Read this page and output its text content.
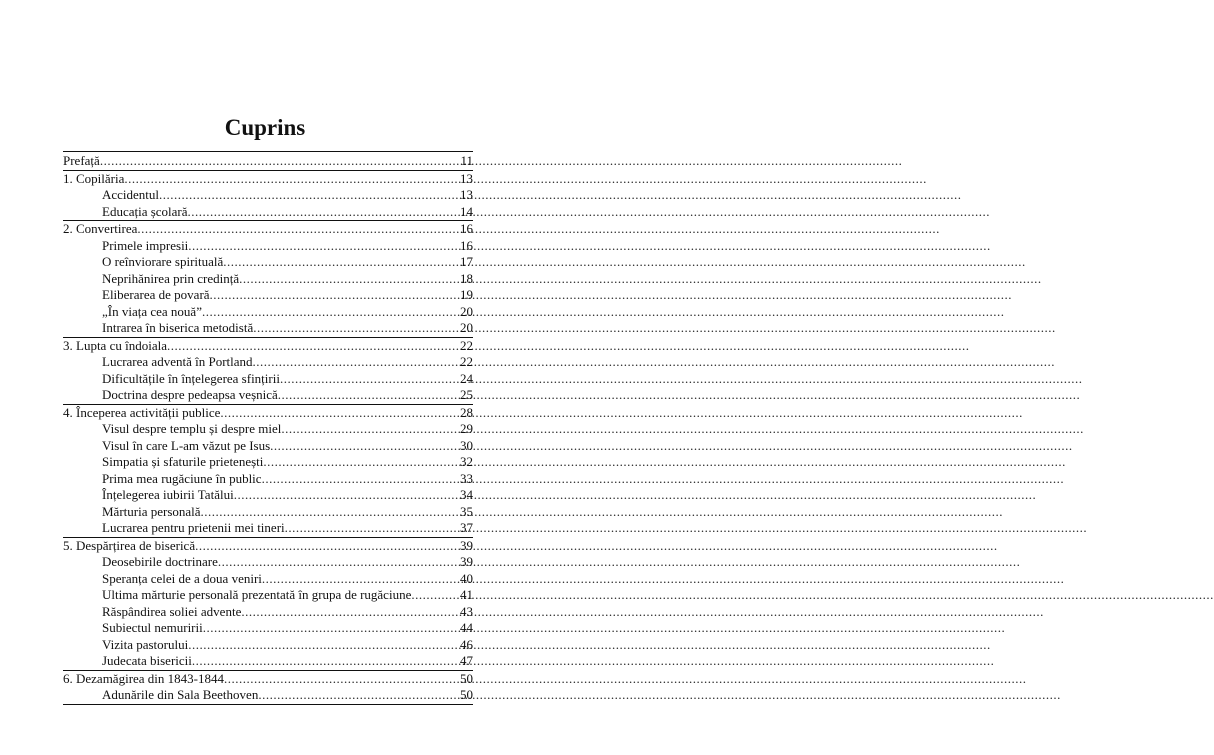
Cuprins
Prefață .....	11
1. Copilăria .....	13
Accidentul .....	13
Educația școlară .....	14
2. Convertirea .....	16
Primele impresii .....	16
O reînviorare spirituală .....	17
Neprihănirea prin credință .....	18
Eliberarea de povară .....	19
„În viața cea nouă” .....	20
Intrarea în biserica metodistă .....	20
3. Lupta cu îndoiala .....	22
Lucrarea adventă în Portland .....	22
Dificultățile în înțelegerea sfințirii .....	24
Doctrina despre pedeapsa veșnică .....	25
4. Începerea activității publice .....	28
Visul despre templu și despre miel .....	29
Visul în care L-am văzut pe Isus .....	30
Simpatia și sfaturile prietenești .....	32
Prima mea rugăciune în public .....	33
Înțelegerea iubirii Tatălui .....	34
Mărturia personală .....	35
Lucrarea pentru prietenii mei tineri .....	37
5. Despărțirea de biserică .....	39
Deosebirile doctrinare .....	39
Speranța celei de a doua veniri .....	40
Ultima mărturie personală prezentată în grupa de rugăciune .....	41
Răspândirea soliei advente .....	43
Subiectul nemuririi .....	44
Vizita pastorului .....	46
Judecata bisericii .....	47
6. Dezamăgirea din 1843-1844 .....	50
Adunările din Sala Beethoven .....	50
